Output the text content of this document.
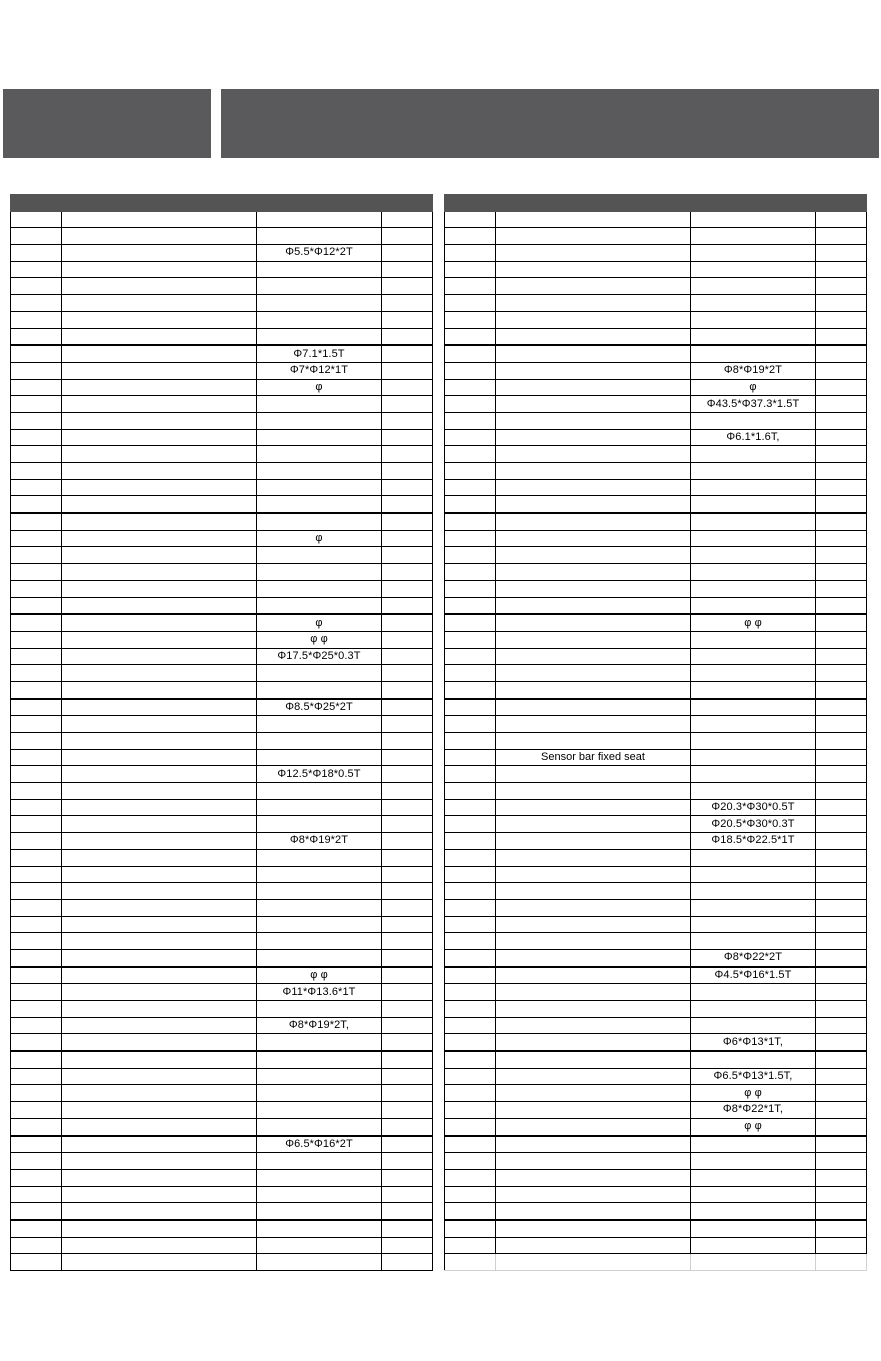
		Φ5.5*Φ12*2T	

		Φ7.1*1.5T	
		Φ7*Φ12*1T	
		φ	

		φ	

		φ	
		φ φ	
		Φ17.5*Φ25*0.3T	

		Φ8.5*Φ25*2T	

		Φ12.5*Φ18*0.5T	

		Φ8*Φ19*2T	

		φ φ	
		Φ11*Φ13.6*1T	

		Φ8*Φ19*2T,	

		Φ6.5*Φ16*2T	

		Φ8*Φ19*2T	
		φ	
		Φ43.5*Φ37.3*1.5T	

		Φ6.1*1.6T,	

		φ φ	

	Sensor bar fixed seat		

		Φ20.3*Φ30*0.5T	
		Φ20.5*Φ30*0.3T	
		Φ18.5*Φ22.5*1T	

		Φ8*Φ22*2T	
		Φ4.5*Φ16*1.5T	

		Φ6*Φ13*1T,	

		Φ6.5*Φ13*1.5T,	
		φ φ	
		Φ8*Φ22*1T,	
		φ φ	
